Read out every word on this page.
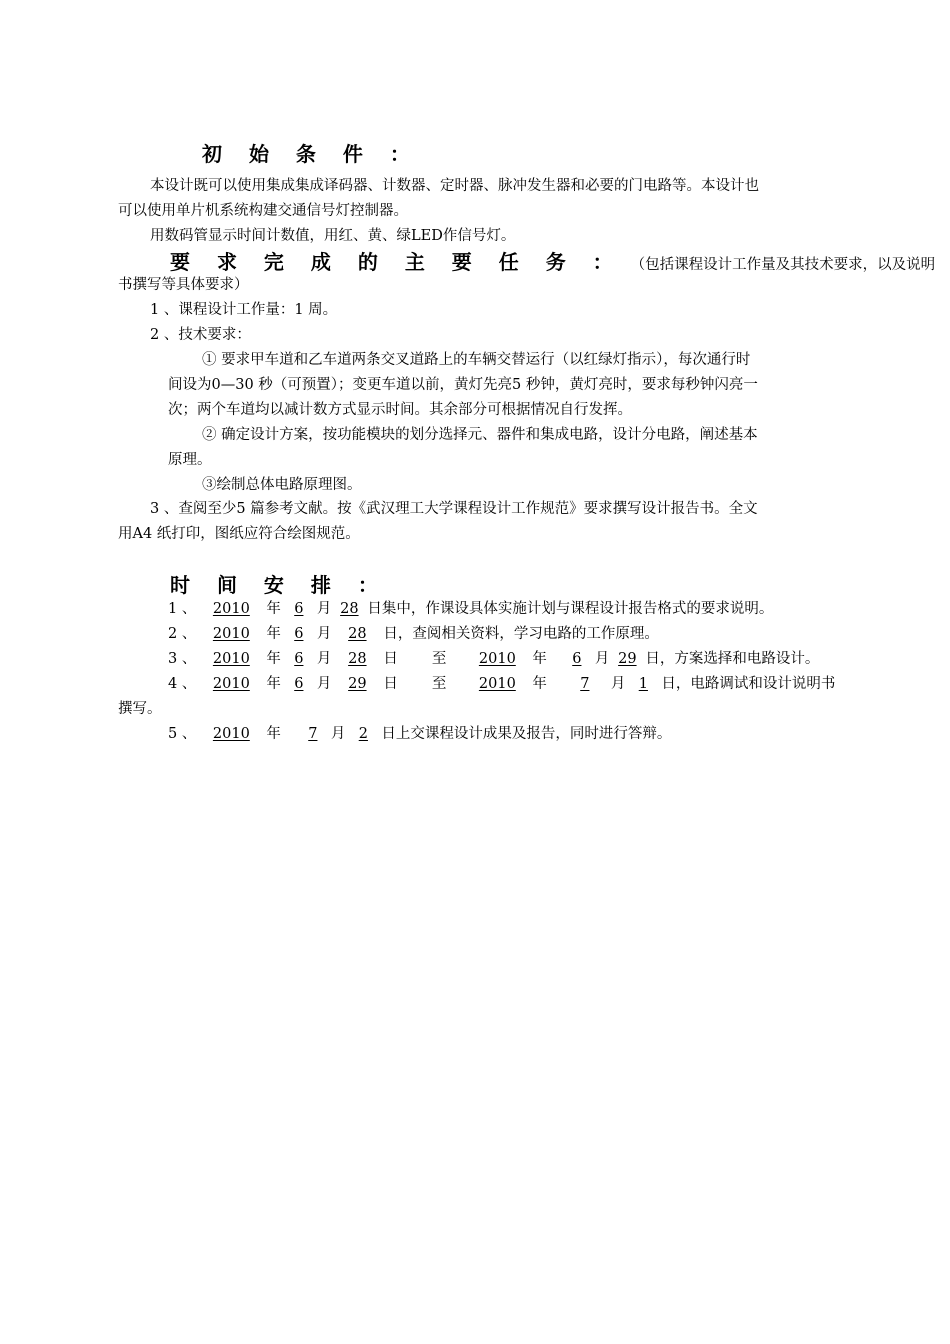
初 始 条 件 ：
本设计既可以使用集成集成译码器、计数器、定时器、脉冲发生器和必要的门电路等。本设计也
可以使用单片机系统构建交通信号灯控制器。
用数码管显示时间计数值，用红、黄、绿LED作信号灯。
要 求 完 成 的 主 要 任 务 ： （包括课程设计工作量及其技术要求，以及说明
书撰写等具体要求）
1 、课程设计工作量：1 周。
2 、技术要求：
① 要求甲车道和乙车道两条交叉道路上的车辆交替运行（以红绿灯指示），每次通行时
间设为0—30 秒（可预置）；变更车道以前，黄灯先亮5 秒钟，黄灯亮时，要求每秒钟闪亮一
次；两个车道均以减计数方式显示时间。其余部分可根据情况自行发挥。
② 确定设计方案，按功能模块的划分选择元、器件和集成电路，设计分电路，阐述基本
原理。
③绘制总体电路原理图。
3 、查阅至少5 篇参考文献。按《武汉理工大学课程设计工作规范》要求撰写设计报告书。全文
用A4 纸打印，图纸应符合绘图规范。
时 间 安 排 ：
1 、 2010 年 6 月 28 日集中，作课设具体实施计划与课程设计报告格式的要求说明。
2 、 2010 年 6 月 28 日，查阅相关资料，学习电路的工作原理。
3 、 2010 年 6 月 28 日 至 2010 年 6 月 29 日，方案选择和电路设计。
4 、 2010 年 6 月 29 日 至 2010 年 7 月 1 日，电路调试和设计说明书
撰写。
5 、 2010 年 7 月 2 日上交课程设计成果及报告，同时进行答辩。
